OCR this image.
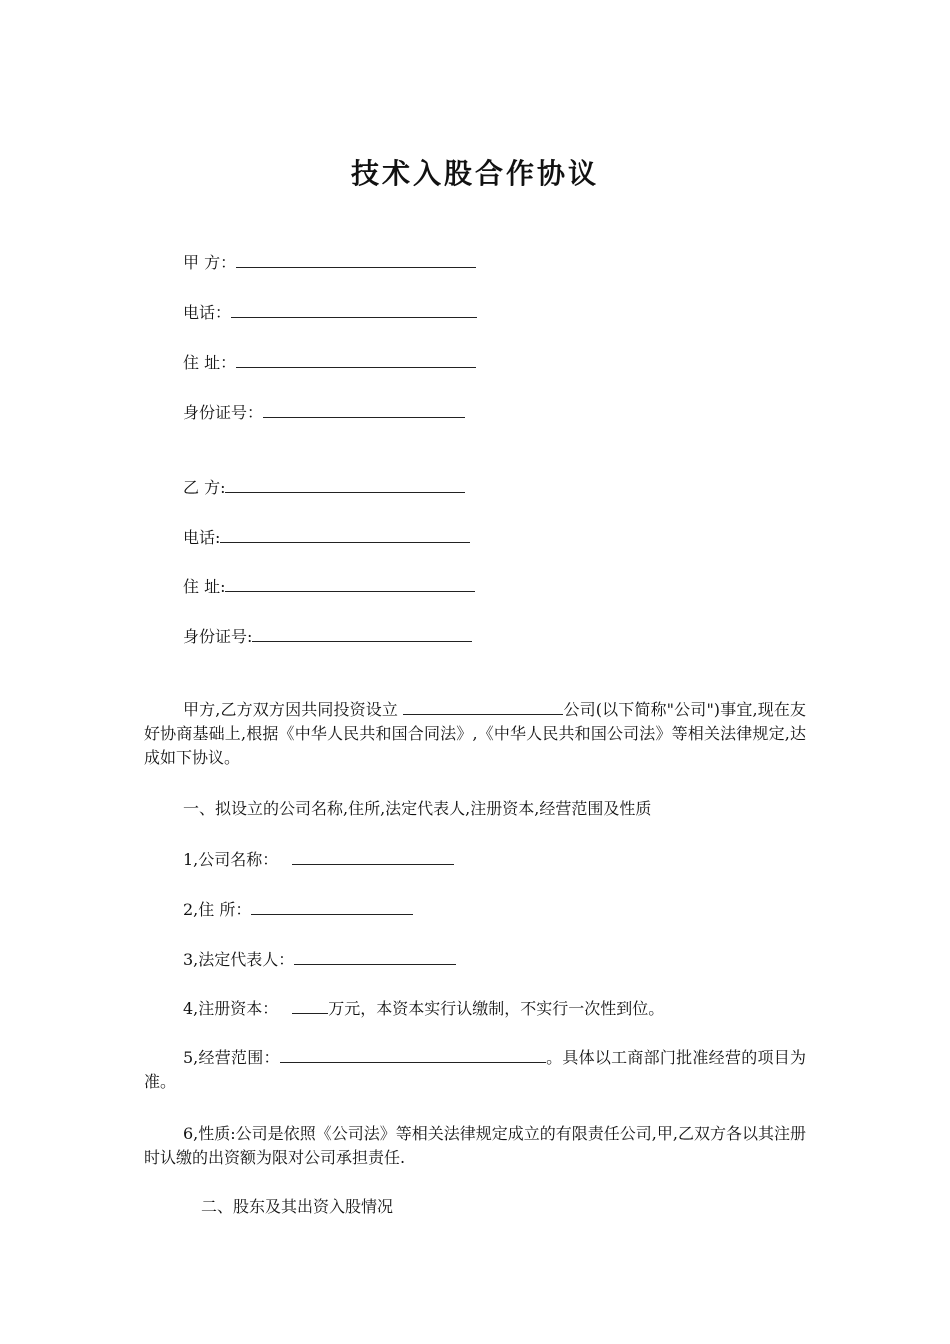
技术入股合作协议
甲 方：
电话：
住 址：
身份证号：
乙 方:
电话:
住 址:
身份证号:
甲方,乙方双方因共同投资设立	公司(以下简称"公司")事宜,现在友好协商基础上,根据《中华人民共和国合同法》,《中华人民共和国公司法》等相关法律规定,达成如下协议。
一、拟设立的公司名称,住所,法定代表人,注册资本,经营范围及性质
1,公司名称：
2,住 所：
3,法定代表人：
4,注册资本：	万元，本资本实行认缴制，不实行一次性到位。
5,经营范围：	。具体以工商部门批准经营的项目为准。
6,性质:公司是依照《公司法》等相关法律规定成立的有限责任公司,甲,乙双方各以其注册时认缴的出资额为限对公司承担责任.
二、股东及其出资入股情况
